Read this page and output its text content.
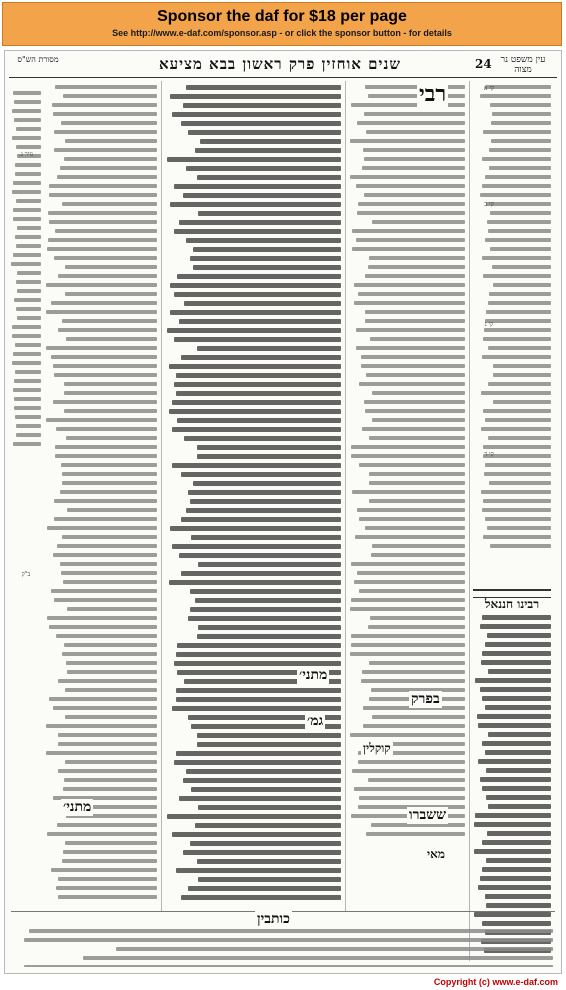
Sponsor the daf for $18 per page
See http://www.e-daf.com/sponsor.asp - or click the sponsor button - for details
עין משפט נר מצוה
24
שנים אוחזין פרק ראשון בבא מציעא
מסורת הש"ס
קי א
קי ב
קי ג
קי ד
רבינו חננאל
רבי
בפרק
ששברו
קוקלין
מאי
מתני׳
גמ׳
מתני׳
נזיר ג.
ב"ק
כותבין
Copyright (c) www.e-daf.com
